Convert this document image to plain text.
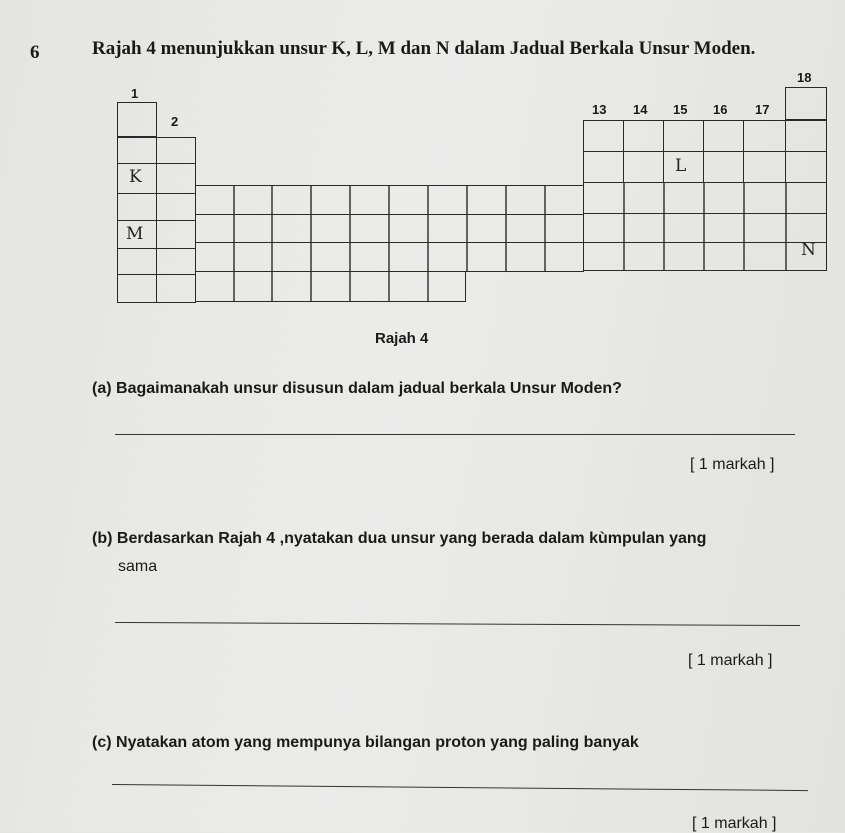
6	Rajah 4 menunjukkan unsur K, L, M dan N dalam Jadual Berkala Unsur Moden.
1
2
13 14 15 16 17
18
K
L
M
N
Rajah 4
(a) Bagaimanakah unsur disusun dalam jadual berkala Unsur Moden?
[ 1 markah ]
(b) Berdasarkan Rajah 4 ,nyatakan dua unsur yang berada dalam kùmpulan yang
sama
[ 1 markah ]
(c) Nyatakan atom yang mempunya bilangan proton yang paling banyak
[ 1 markah ]
